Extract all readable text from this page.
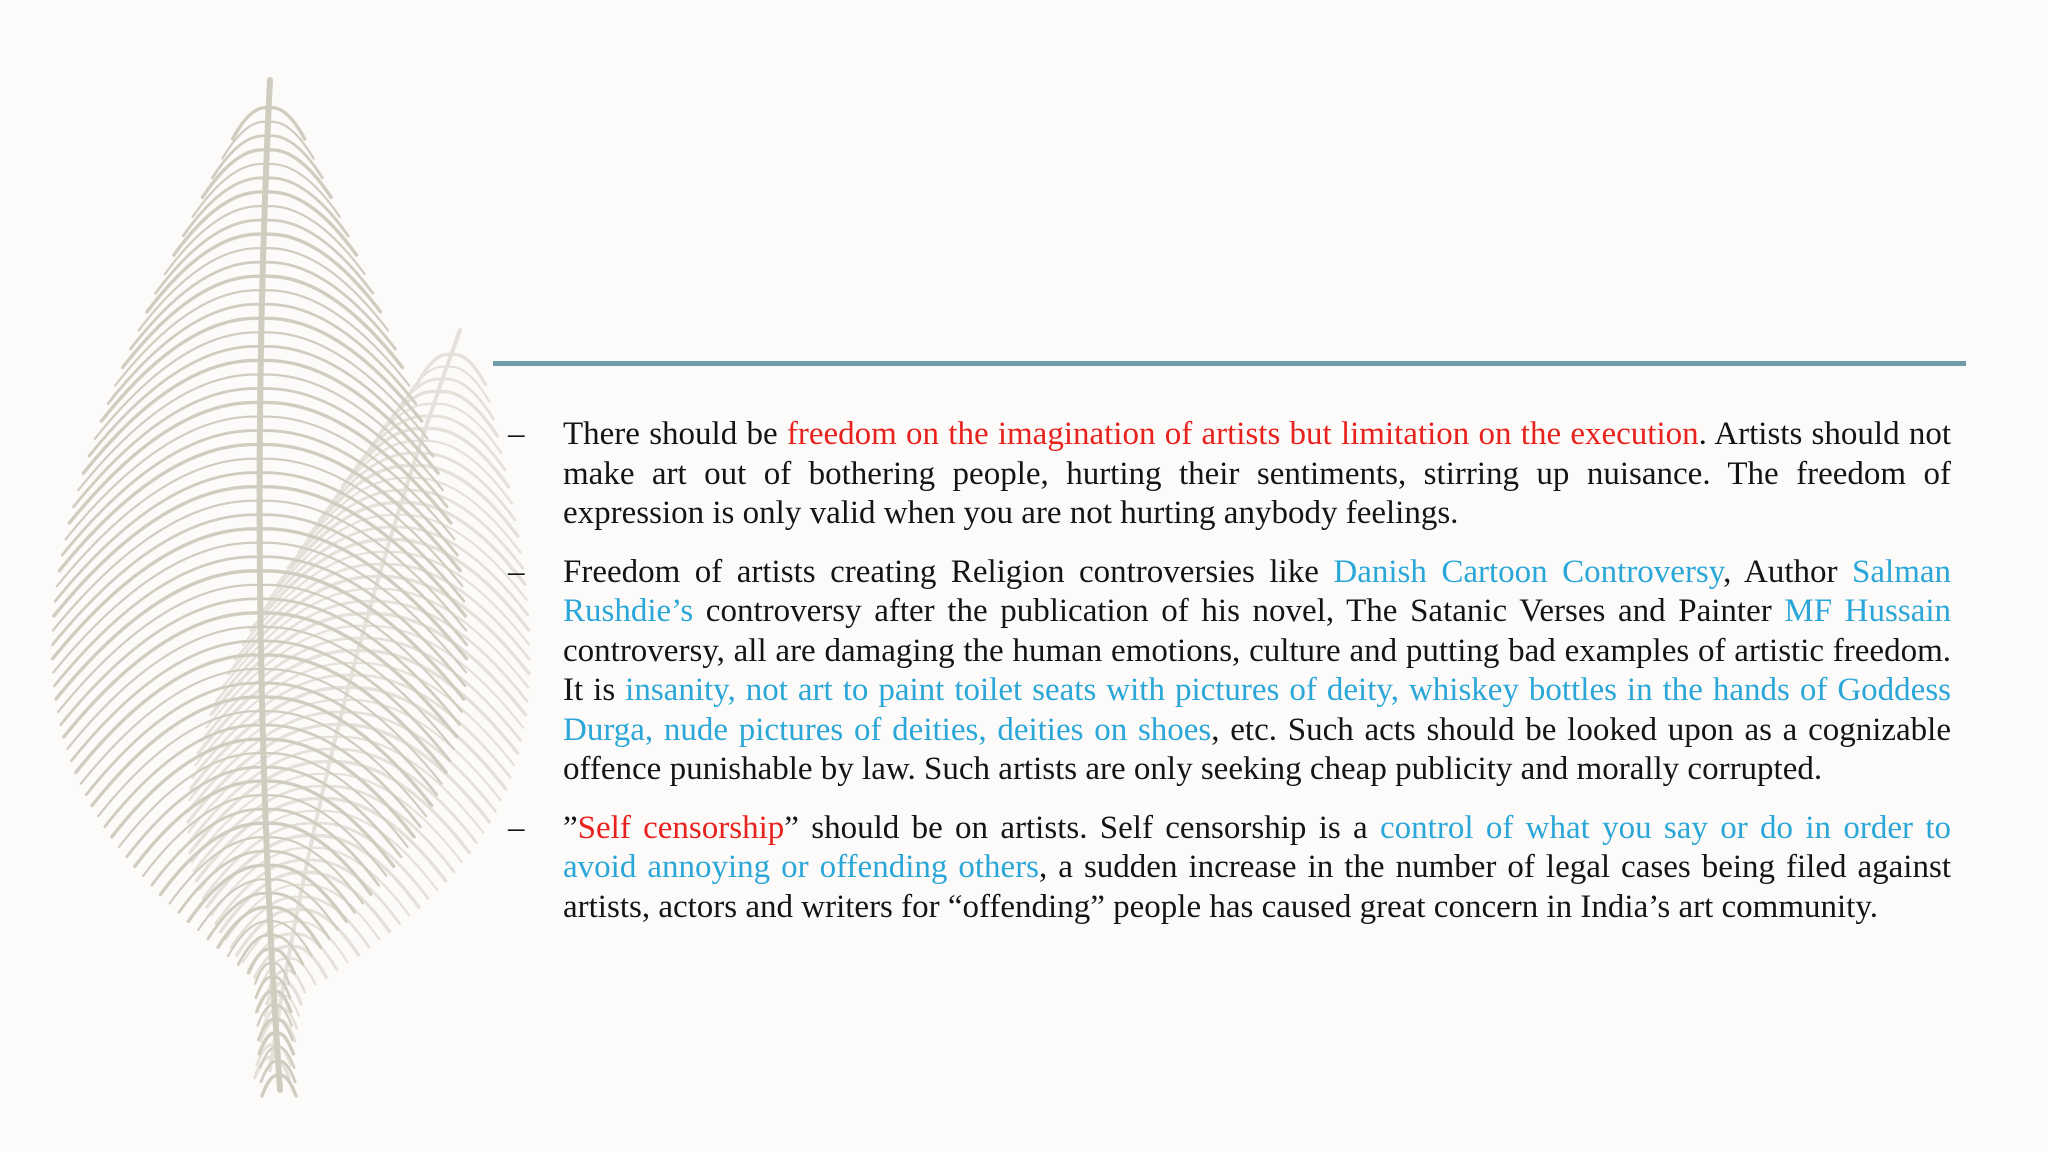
– There should be freedom on the imagination of artists but limitation on the execution. Artists should not make art out of bothering people, hurting their sentiments, stirring up nuisance. The freedom of expression is only valid when you are not hurting anybody feelings.
– Freedom of artists creating Religion controversies like Danish Cartoon Controversy, Author Salman Rushdie’s controversy after the publication of his novel, The Satanic Verses and Painter MF Hussain controversy, all are damaging the human emotions, culture and putting bad examples of artistic freedom. It is insanity, not art to paint toilet seats with pictures of deity, whiskey bottles in the hands of Goddess Durga, nude pictures of deities, deities on shoes, etc. Such acts should be looked upon as a cognizable offence punishable by law. Such artists are only seeking cheap publicity and morally corrupted.
– ”Self censorship” should be on artists. Self censorship is a control of what you say or do in order to avoid annoying or offending others, a sudden increase in the number of legal cases being filed against artists, actors and writers for “offending” people has caused great concern in India’s art community.
